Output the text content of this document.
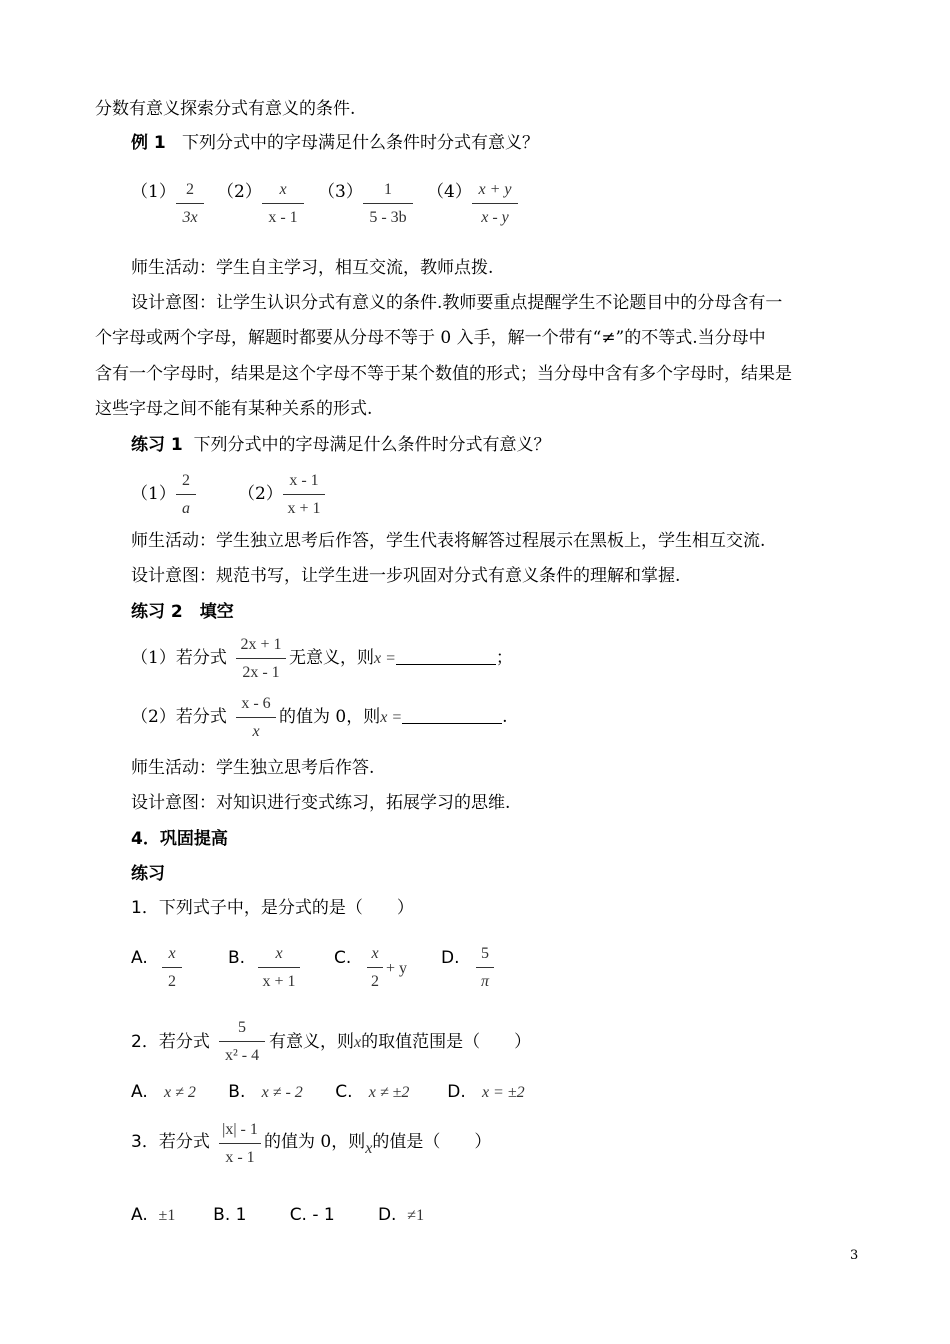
分数有意义探索分式有意义的条件.
例 1 下列分式中的字母满足什么条件时分式有意义？
$(1) \frac{2}{3x} (2) \frac{x}{x - 1} (3) \frac{1}{5 - 3b} (4) \frac{x + y}{x - y}$
师生活动：学生自主学习，相互交流，教师点拨.
设计意图：让学生认识分式有意义的条件.教师要重点提醒学生不论题目中的分母含有一
个字母或两个字母，解题时都要从分母不等于 0 入手，解一个带有“≠”的不等式.当分母中
含有一个字母时，结果是这个字母不等于某个数值的形式；当分母中含有多个字母时，结果是
这些字母之间不能有某种关系的形式.
练习 1 下列分式中的字母满足什么条件时分式有意义？
$(1) \frac{2}{a} (2) \frac{x - 1}{x + 1}$
师生活动：学生独立思考后作答，学生代表将解答过程展示在黑板上，学生相互交流.
设计意图：规范书写，让学生进一步巩固对分式有意义条件的理解和掌握.
练习 2　填空
（1）若分式 $\frac{2x + 1}{2x - 1}$ 无意义，则x =	；
（2）若分式 $\frac{x - 6}{x}$ 的值为 0，则x =	.
师生活动：学生独立思考后作答.
设计意图：对知识进行变式练习，拓展学习的思维.
4．巩固提高
练习
1．下列式子中，是分式的是（　　）
A. $\frac{x}{2}$	B. $\frac{x}{x + 1} C$. $\frac{x}{2} + y$
D. $\frac{5}{\pi}$
2．若分式 $\frac{5}{\text{x² - 4}}$ 有意义，则x的取值范围是（　　）
A. x ≠ 2 B. x ≠ - 2 C. x ≠ ±2 D. x = ±2
3．若分式 $\frac{|x| - 1}{x - 1}$ 的值为 0，则x的值是（　　）
A. ±1 B. 1	C. - 1	D. ≠1
3
